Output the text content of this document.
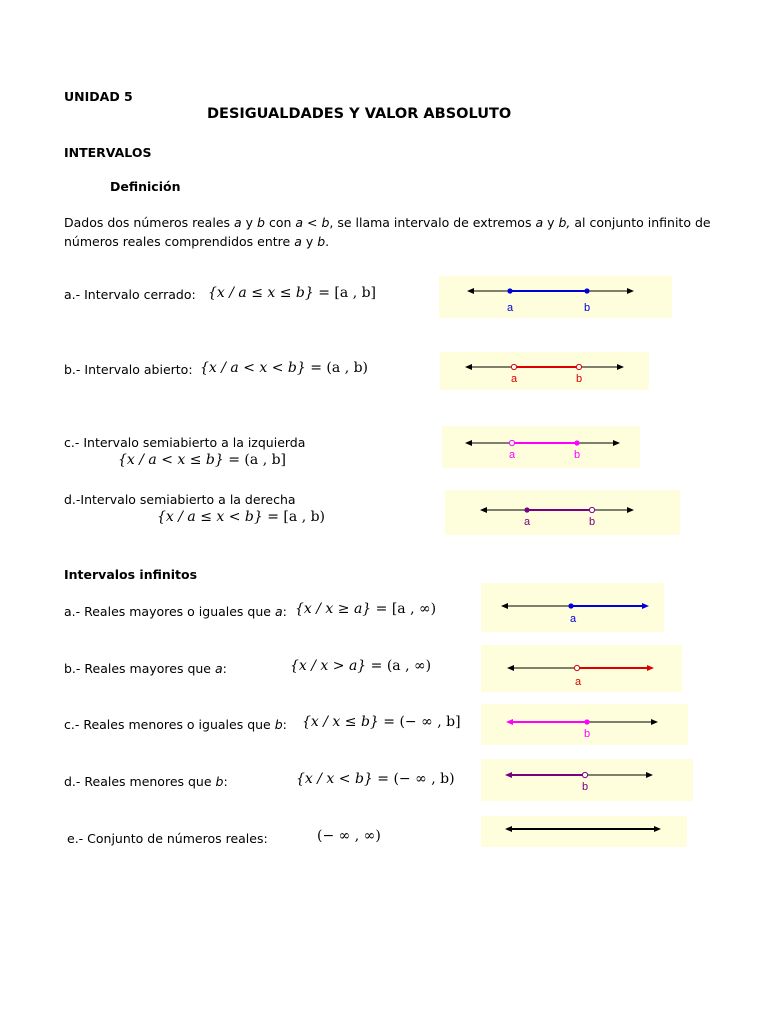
UNIDAD 5
DESIGUALDADES Y VALOR ABSOLUTO
INTERVALOS
Definición
Dados dos números reales a y b con a < b, se llama intervalo de extremos a y b, al conjunto infinito de números reales comprendidos entre a y b.
a.- Intervalo cerrado: {x / a ≤ x ≤ b} = [a , b]
b.- Intervalo abierto: {x / a < x < b} = (a , b)
c.- Intervalo semiabierto a la izquierda
{x / a < x ≤ b} = (a , b]
d.-Intervalo semiabierto a la derecha
{x / a ≤ x < b} = [a , b)
Intervalos infinitos
a.- Reales mayores o iguales que a: {x / x ≥ a} = [a , ∞)
b.- Reales mayores que a:	{x / x > a} = (a , ∞)
c.- Reales menores o iguales que b: {x / x ≤ b} = (− ∞ , b]
d.- Reales menores que b:	{x / x < b} = (− ∞ , b)
e.- Conjunto de números reales:	(− ∞ , ∞)
a	b
a	b
a	b
a	b
a
a
b
b
